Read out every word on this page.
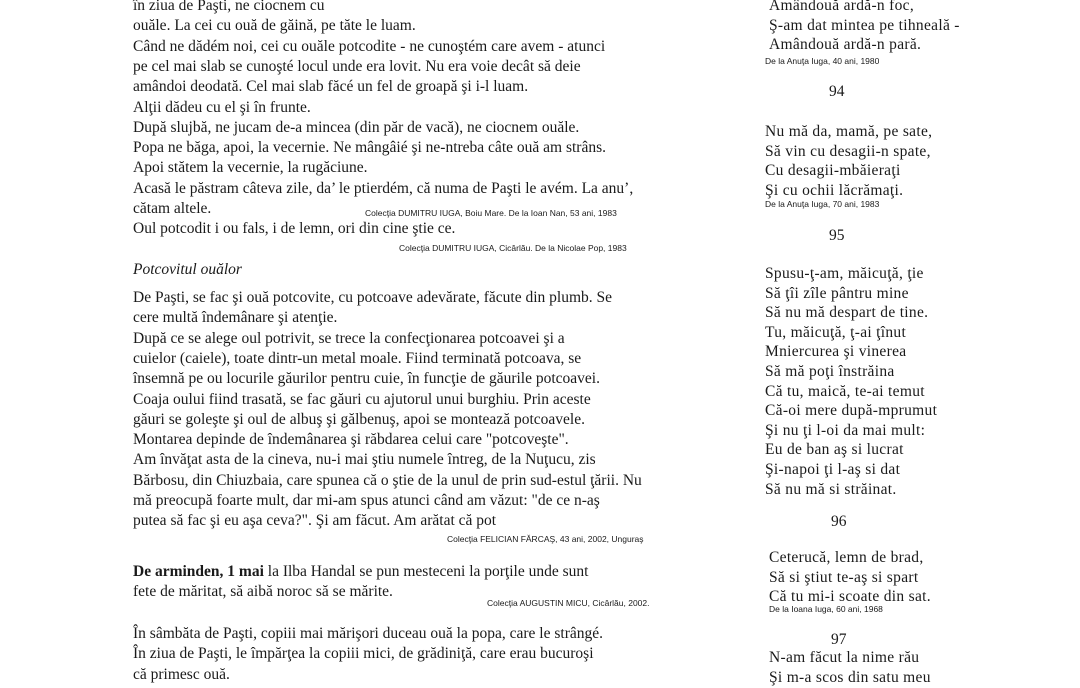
în ziua de Paşti, ne ciocnem cu
ouăle. La cei cu ouă de găină, pe tăte le luam.
Când ne dădém noi, cei cu ouăle potcodite - ne cunoştém care avem - atunci
pe cel mai slab se cunoşté locul unde era lovit. Nu era voie decât să deie
amândoi deodată. Cel mai slab făcé un fel de groapă şi i-l luam.
Alţii dădeu cu el şi în frunte.
După slujbă, ne jucam de-a mincea (din păr de vacă), ne ciocnem ouăle.
Popa ne băga, apoi, la vecernie. Ne mângâié şi ne-ntreba câte ouă am strâns.
Apoi stătem la vecernie, la rugăciune.
Acasă le păstram câteva zile, da’ le ptierdém, că numa de Paşti le avém. La anu’,
cătam altele.	Colecţia DUMITRU IUGA, Boiu Mare. De la Ioan Nan, 53 ani, 1983
Oul potcodit i ou fals, i de lemn, ori din cine ştie ce.
Colecţia DUMITRU IUGA, Cicârlău. De la Nicolae Pop, 1983
Potcovitul ouălor
De Paşti, se fac şi ouă potcovite, cu potcoave adevărate, făcute din plumb. Se
cere multă îndemânare şi atenţie.
După ce se alege oul potrivit, se trece la confecţionarea potcoavei şi a
cuielor (caiele), toate dintr-un metal moale. Fiind terminată potcoava, se
însemnă pe ou locurile găurilor pentru cuie, în funcţie de găurile potcoavei.
Coaja oului fiind trasată, se fac găuri cu ajutorul unui burghiu. Prin aceste
găuri se goleşte şi oul de albuş şi gălbenuş, apoi se montează potcoavele.
Montarea depinde de îndemânarea şi răbdarea celui care "potcoveşte".
Am învăţat asta de la cineva, nu-i mai ştiu numele întreg, de la Nuţucu, zis
Bărbosu, din Chiuzbaia, care spunea că o ştie de la unul de prin sud-estul ţării. Nu
mă preocupă foarte mult, dar mi-am spus atunci când am văzut: "de ce n-aş
putea să fac şi eu aşa ceva?". Şi am făcut. Am arătat că pot
Colecţia FELICIAN FĂRCAŞ, 43 ani, 2002, Unguraş
De arminden, 1 mai la Ilba Handal se pun mesteceni la porţile unde sunt
fete de măritat, să aibă noroc să se mărite.
Colecţia AUGUSTIN MICU, Cicârlău, 2002.
În sâmbăta de Paşti, copiii mai mărişori duceau ouă la popa, care le strângé.
În ziua de Paşti, le împărţea la copiii mici, de grădiniţă, care erau bucuroşi
că primesc ouă.
Amândouă ardă-n foc,
Ş-am dat mintea pe tihneală -
Amândouă ardă-n pară.
De la Anuţa Iuga, 40 ani, 1980
94
Nu mă da, mamă, pe sate,
Să vin cu desagii-n spate,
Cu desagii-mbăieraţi
Şi cu ochii lăcrămaţi.
De la Anuţa Iuga, 70 ani, 1983
95
Spusu-ţ-am, măicuţă, ţie
Să ţîi zîle pântru mine
Să nu mă despart de tine.
Tu, măicuţă, ţ-ai ţînut
Mniercurea şi vinerea
Să mă poţi înstrăina
Că tu, maică, te-ai temut
Că-oi mere după-mprumut
Şi nu ţi l-oi da mai mult:
Eu de ban aş si lucrat
Şi-napoi ţi l-aş si dat
Să nu mă si străinat.
96
Ceterucă, lemn de brad,
Să si ştiut te-aş si spart
Că tu mi-i scoate din sat.
De la Ioana Iuga, 60 ani, 1968
97
N-am făcut la nime rău
Şi m-a scos din satu meu
